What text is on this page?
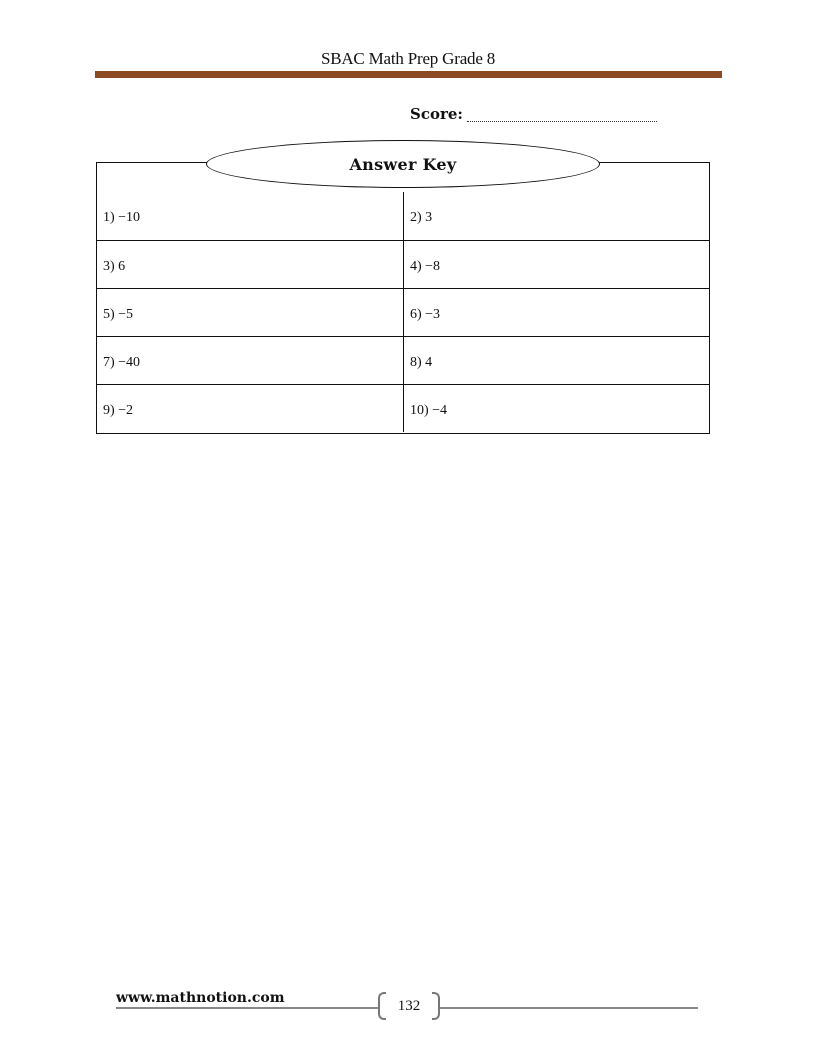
SBAC Math Prep Grade 8
Score:
1) −10	2) 3
3) 6	4) −8
5) −5	6) −3
7) −40	8) 4
9) −2	10) −4
Answer Key
www.mathnotion.com	132
